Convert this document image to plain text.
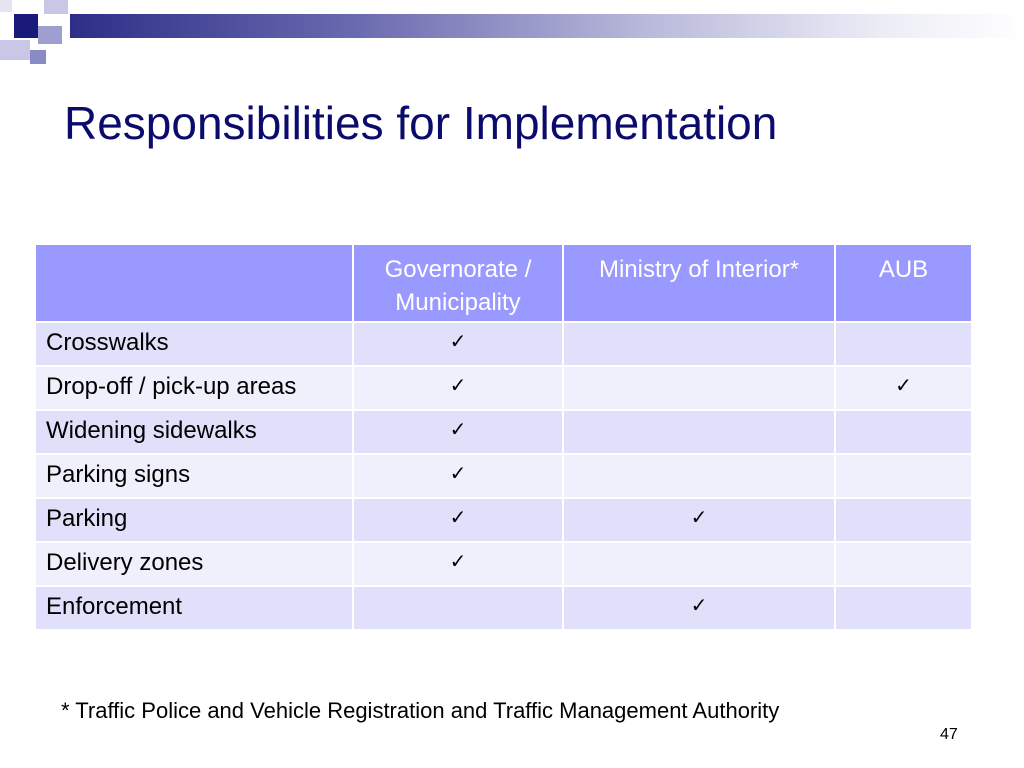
Responsibilities for Implementation
	Governorate / Municipality	Ministry of Interior*	AUB
Crosswalks	✓		
Drop-off / pick-up areas	✓		✓
Widening sidewalks	✓		
Parking signs	✓		
Parking	✓	✓	
Delivery zones	✓		
Enforcement		✓	
* Traffic Police and Vehicle Registration and Traffic Management Authority
47
